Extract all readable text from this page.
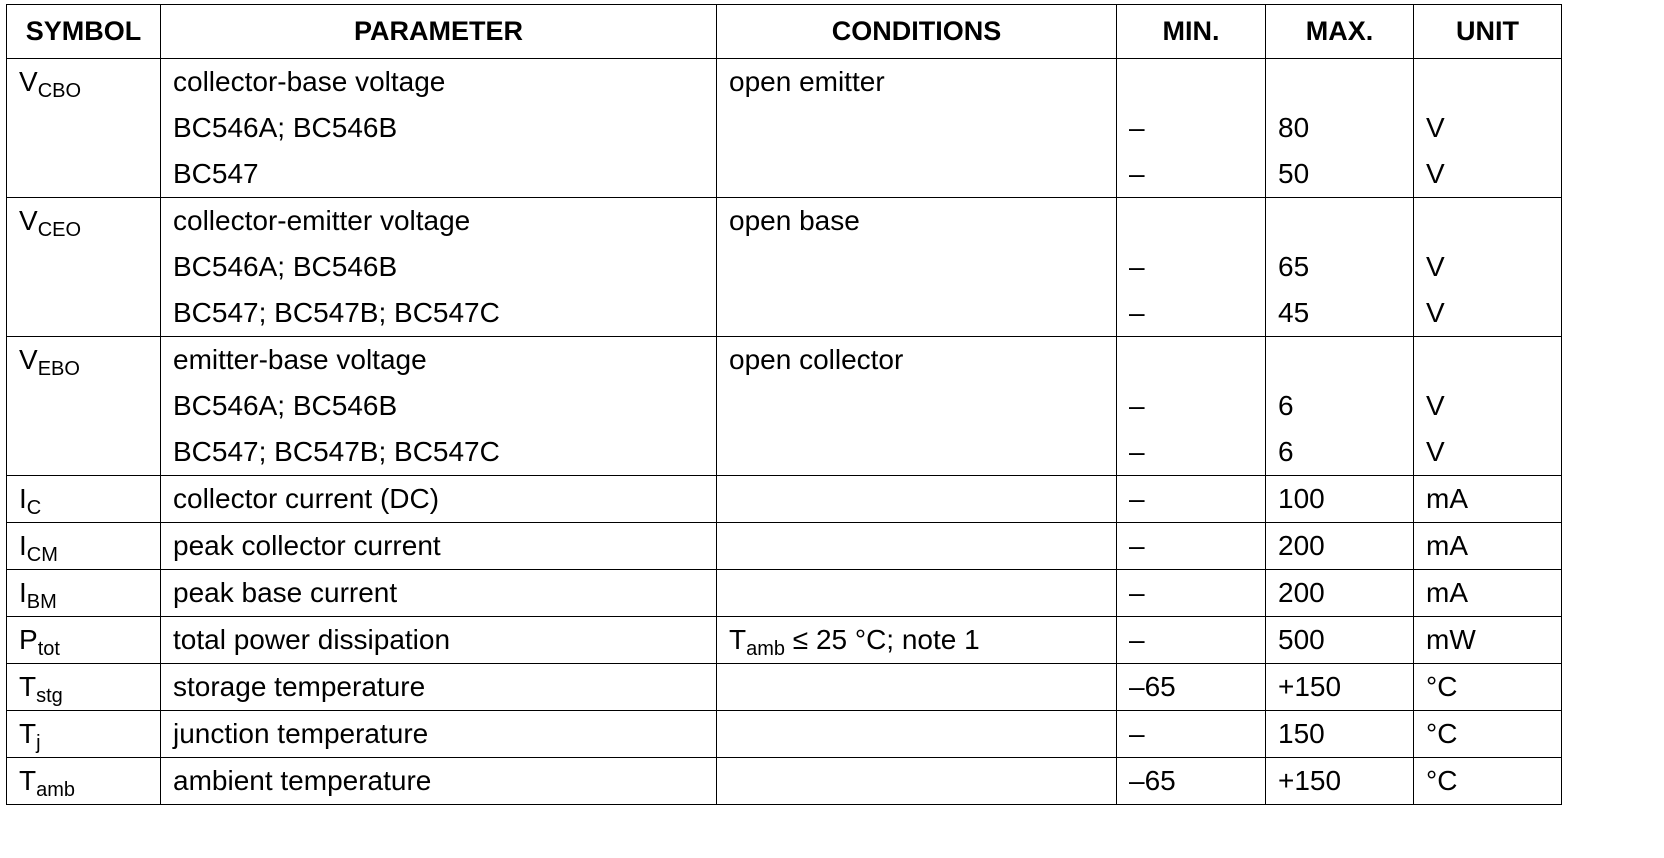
SYMBOL	PARAMETER	CONDITIONS	MIN.	MAX.	UNIT
$V_{CBO}$	collector-base voltage	open emitter			
	BC546A; BC546B		–	80	V
	BC547		–	50	V
$V_{CEO}$	collector-emitter voltage	open base			
	BC546A; BC546B		–	65	V
	BC547; BC547B; BC547C		–	45	V
$V_{EBO}$	emitter-base voltage	open collector			
	BC546A; BC546B		–	6	V
	BC547; BC547B; BC547C		–	6	V
$I_C$	collector current (DC)		–	100	mA
$I_{CM}$	peak collector current		–	200	mA
$I_{BM}$	peak base current		–	200	mA
$P_{tot}$	total power dissipation	$T_{amb} \le 25$ °C; note 1	–	500	mW
$T_{stg}$	storage temperature		–65	+150	°C
$T_j$	junction temperature		–	150	°C
$T_{amb}$	ambient temperature		–65	+150	°C
